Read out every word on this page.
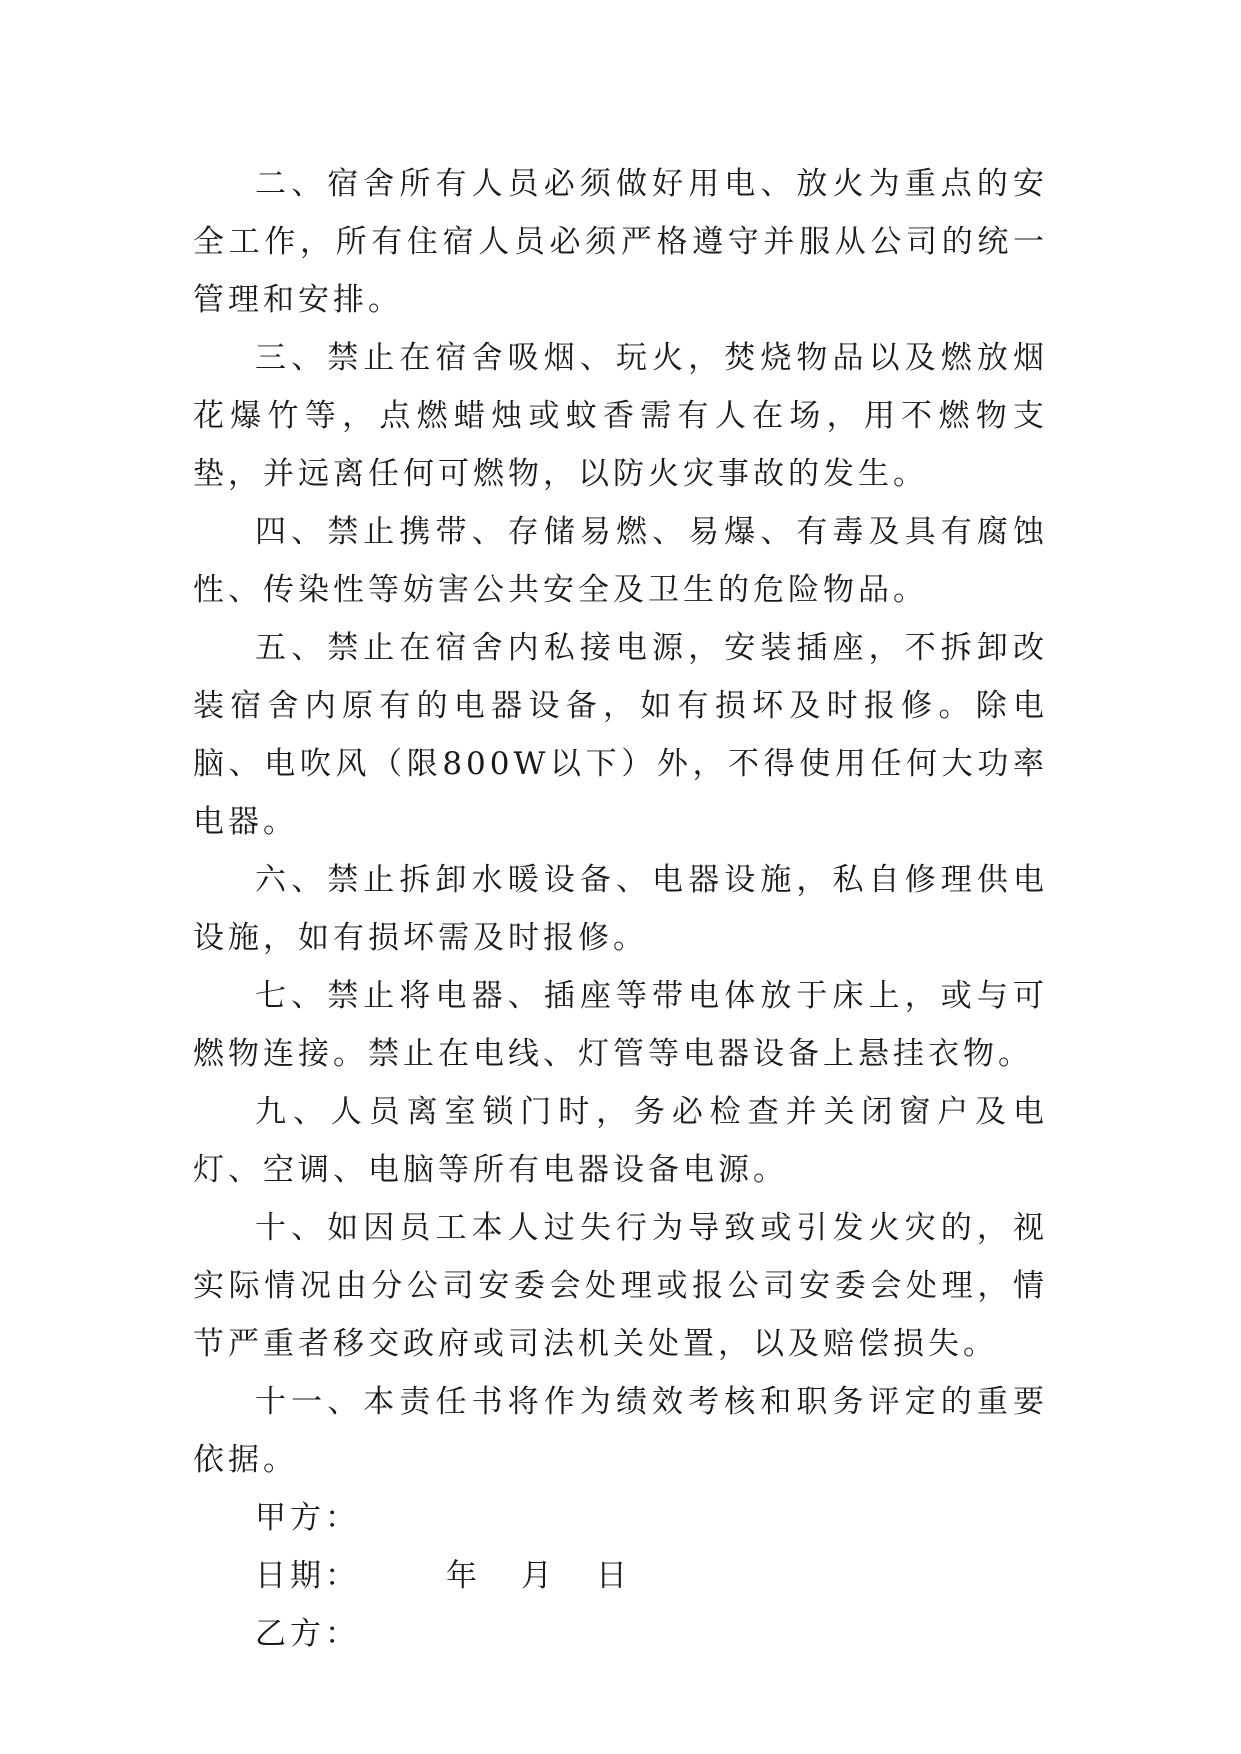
二、宿舍所有人员必须做好用电、放火为重点的安全工作，所有住宿人员必须严格遵守并服从公司的统一管理和安排。

三、禁止在宿舍吸烟、玩火，焚烧物品以及燃放烟花爆竹等，点燃蜡烛或蚊香需有人在场，用不燃物支垫，并远离任何可燃物，以防火灾事故的发生。

四、禁止携带、存储易燃、易爆、有毒及具有腐蚀性、传染性等妨害公共安全及卫生的危险物品。

五、禁止在宿舍内私接电源，安装插座，不拆卸改装宿舍内原有的电器设备，如有损坏及时报修。除电脑、电吹风（限800W以下）外，不得使用任何大功率电器。

六、禁止拆卸水暖设备、电器设施，私自修理供电设施，如有损坏需及时报修。

七、禁止将电器、插座等带电体放于床上，或与可燃物连接。禁止在电线、灯管等电器设备上悬挂衣物。

九、人员离室锁门时，务必检查并关闭窗户及电灯、空调、电脑等所有电器设备电源。

十、如因员工本人过失行为导致或引发火灾的，视实际情况由分公司安委会处理或报公司安委会处理，情节严重者移交政府或司法机关处置，以及赔偿损失。

十一、本责任书将作为绩效考核和职务评定的重要依据。

甲方：

日期：	年 月 日

乙方：
